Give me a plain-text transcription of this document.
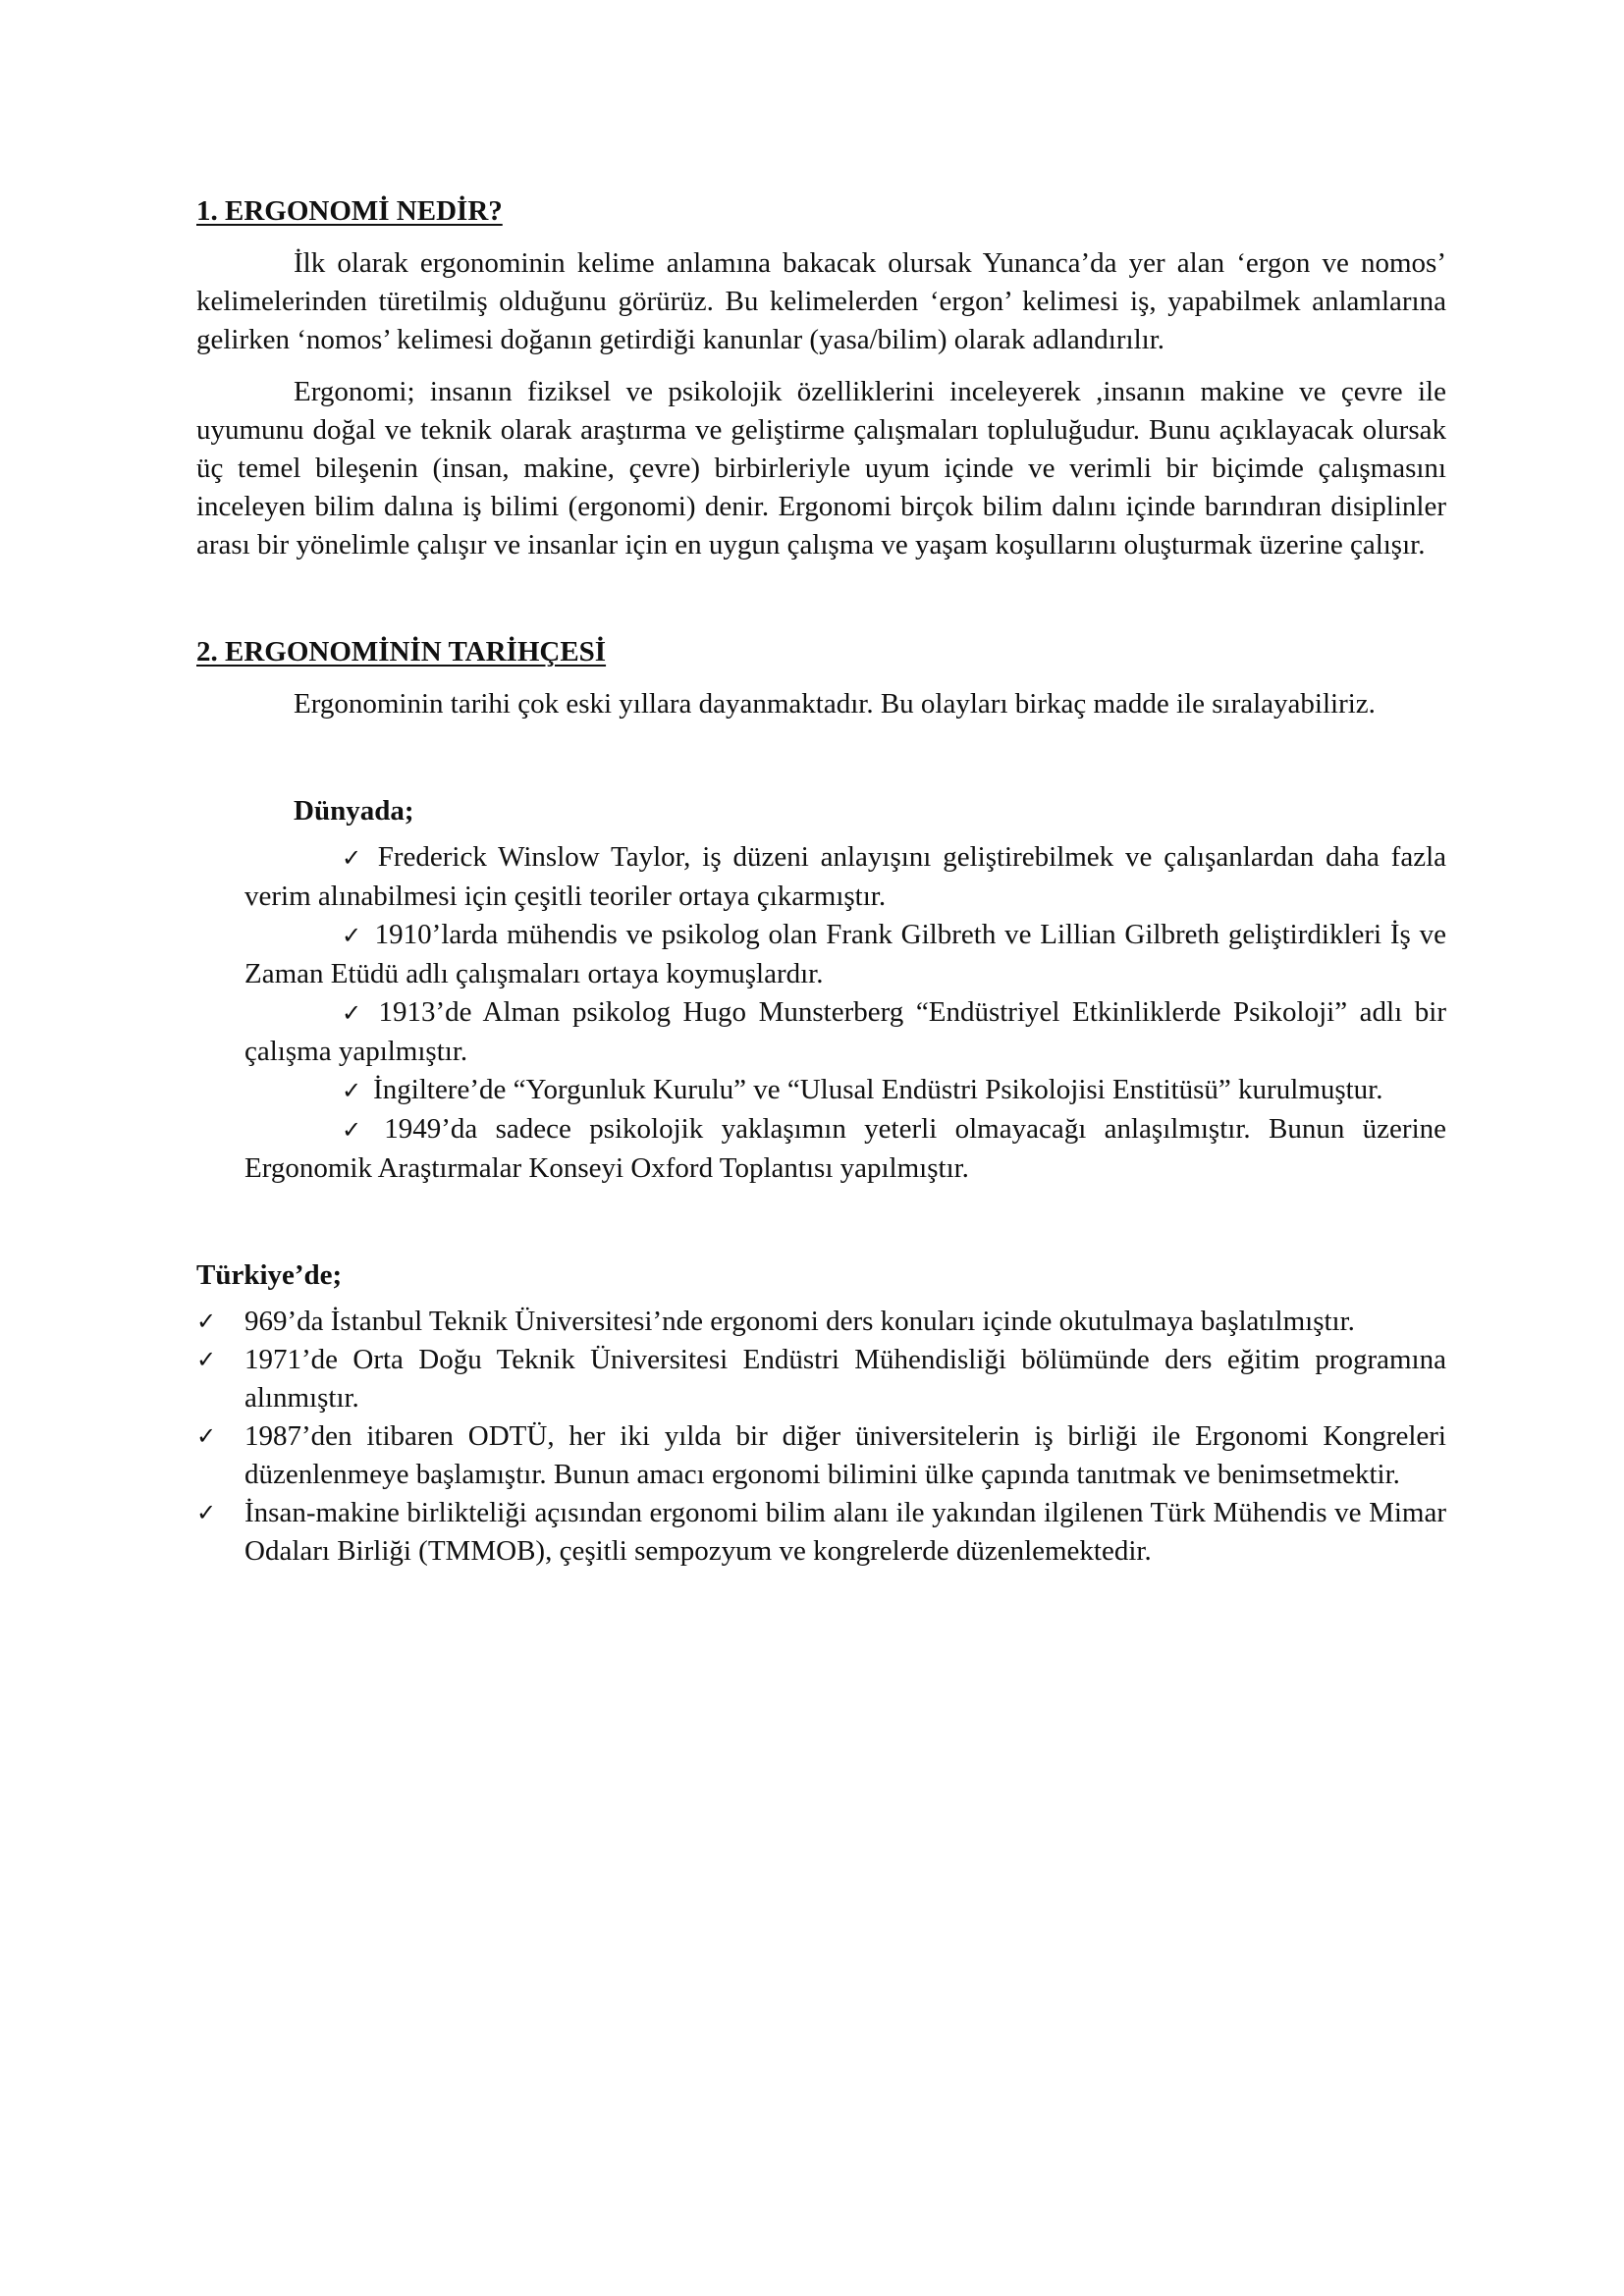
1. ERGONOMİ NEDİR?

İlk olarak ergonominin kelime anlamına bakacak olursak Yunanca’da yer alan ‘ergon ve nomos’ kelimelerinden türetilmiş olduğunu görürüz. Bu kelimelerden ‘ergon’ kelimesi iş, yapabilmek anlamlarına gelirken ‘nomos’ kelimesi doğanın getirdiği kanunlar (yasa/bilim) olarak adlandırılır.

Ergonomi; insanın fiziksel ve psikolojik özelliklerini inceleyerek ,insanın makine ve çevre ile uyumunu doğal ve teknik olarak araştırma ve geliştirme çalışmaları topluluğudur. Bunu açıklayacak olursak üç temel bileşenin (insan, makine, çevre) birbirleriyle uyum içinde ve verimli bir biçimde çalışmasını inceleyen bilim dalına iş bilimi (ergonomi) denir. Ergonomi birçok bilim dalını içinde barındıran disiplinler arası bir yönelimle çalışır ve insanlar için en uygun çalışma ve yaşam koşullarını oluşturmak üzerine çalışır.

2. ERGONOMİNİN TARİHÇESİ

Ergonominin tarihi çok eski yıllara dayanmaktadır. Bu olayları birkaç madde ile sıralayabiliriz.

Dünyada;
✓ Frederick Winslow Taylor, iş düzeni anlayışını geliştirebilmek ve çalışanlardan daha fazla verim alınabilmesi için çeşitli teoriler ortaya çıkarmıştır.
✓ 1910’larda mühendis ve psikolog olan Frank Gilbreth ve Lillian Gilbreth geliştirdikleri İş ve Zaman Etüdü adlı çalışmaları ortaya koymuşlardır.
✓ 1913’de Alman psikolog Hugo Munsterberg “Endüstriyel Etkinliklerde Psikoloji” adlı bir çalışma yapılmıştır.
✓ İngiltere’de “Yorgunluk Kurulu” ve “Ulusal Endüstri Psikolojisi Enstitüsü” kurulmuştur.
✓ 1949’da sadece psikolojik yaklaşımın yeterli olmayacağı anlaşılmıştır. Bunun üzerine Ergonomik Araştırmalar Konseyi Oxford Toplantısı yapılmıştır.
Türkiye’de;
✓ 969’da İstanbul Teknik Üniversitesi’nde ergonomi ders konuları içinde okutulmaya başlatılmıştır.
✓ 1971’de Orta Doğu Teknik Üniversitesi Endüstri Mühendisliği bölümünde ders eğitim programına alınmıştır.
✓ 1987’den itibaren ODTÜ, her iki yılda bir diğer üniversitelerin iş birliği ile Ergonomi Kongreleri düzenlenmeye başlamıştır. Bunun amacı ergonomi bilimini ülke çapında tanıtmak ve benimsetmektir.
✓ İnsan-makine birlikteliği açısından ergonomi bilim alanı ile yakından ilgilenen Türk Mühendis ve Mimar Odaları Birliği (TMMOB), çeşitli sempozyum ve kongrelerde düzenlemektedir.
